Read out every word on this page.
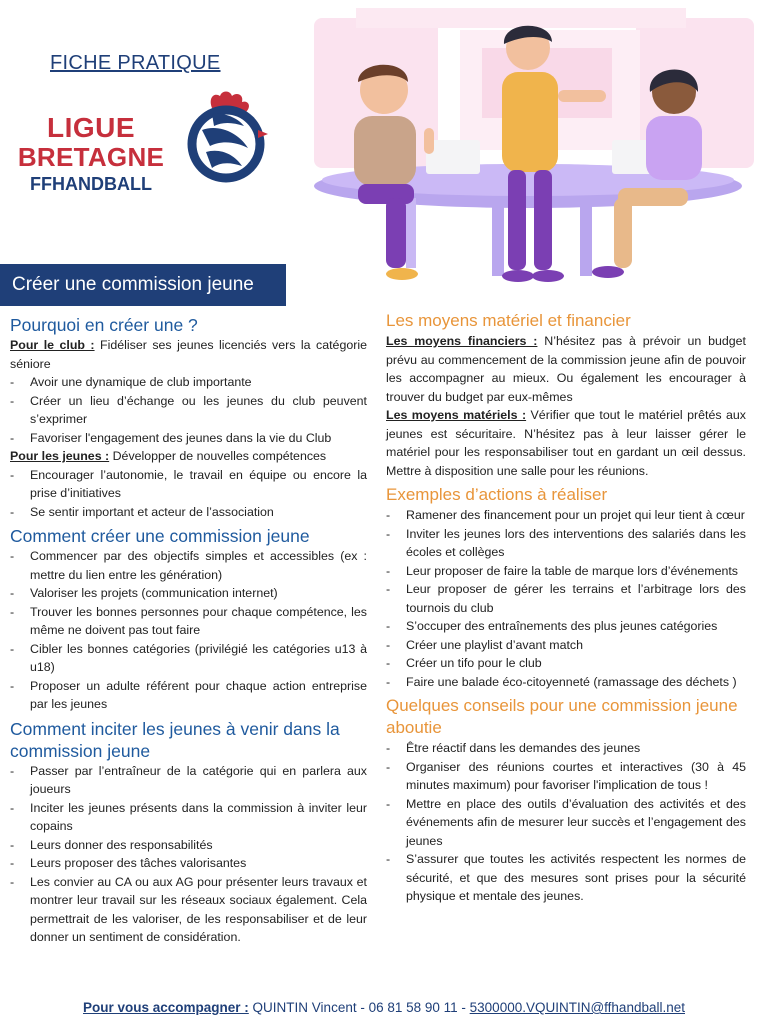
FICHE PRATIQUE
LIGUE
BRETAGNE
FFHANDBALL
Créer une commission jeune
Pourquoi en créer une ?

Pour le club : Fidéliser ses jeunes licenciés vers la catégorie séniore

- Avoir une dynamique de club importante
- Créer un lieu d’échange ou les jeunes du club peuvent s’exprimer
- Favoriser l'engagement des jeunes dans la vie du Club

Pour les jeunes : Développer de nouvelles compétences

- Encourager l’autonomie, le travail en équipe ou encore la prise d’initiatives
- Se sentir important et acteur de l’association
Comment créer une commission jeune
- Commencer par des objectifs simples et accessibles (ex : mettre du lien entre les génération)
- Valoriser les projets (communication internet)
- Trouver les bonnes personnes pour chaque compétence, les même ne doivent pas tout faire
- Cibler les bonnes catégories (privilégié les catégories u13 à u18)
- Proposer un adulte référent pour chaque action entreprise par les jeunes
Comment inciter les jeunes à venir dans la commission jeune
- Passer par l’entraîneur de la catégorie qui en parlera aux joueurs
- Inciter les jeunes présents dans la commission à inviter leur copains
- Leurs donner des responsabilités
- Leurs proposer des tâches valorisantes
- Les convier au CA ou aux AG pour présenter leurs travaux et montrer leur travail sur les réseaux sociaux également. Cela permettrait de les valoriser, de les responsabiliser et de leur donner un sentiment de considération.
Les moyens matériel et financier

Les moyens financiers : N’hésitez pas à prévoir un budget prévu au commencement de la commission jeune afin de pouvoir les accompagner au mieux. Ou également les encourager à trouver du budget par eux-mêmes

Les moyens matériels : Vérifier que tout le matériel prêtés aux jeunes est sécuritaire. N’hésitez pas à leur laisser gérer le matériel pour les responsabiliser tout en gardant un œil dessus. Mettre à disposition une salle pour les réunions.

Exemples d’actions à réaliser
- Ramener des financement pour un projet qui leur tient à cœur
- Inviter les jeunes lors des interventions des salariés dans les écoles et collèges
- Leur proposer de faire la table de marque lors d’événements
- Leur proposer de gérer les terrains et l’arbitrage lors des tournois du club
- S’occuper des entraînements des plus jeunes catégories
- Créer une playlist d’avant match
- Créer un tifo pour le club
- Faire une balade éco-citoyenneté (ramassage des déchets )
Quelques conseils pour une commission jeune aboutie
- Être réactif dans les demandes des jeunes
- Organiser des réunions courtes et interactives (30 à 45 minutes maximum) pour favoriser l'implication de tous !
- Mettre en place des outils d’évaluation des activités et des événements afin de mesurer leur succès et l’engagement des jeunes
- S’assurer que toutes les activités respectent les normes de sécurité, et que des mesures sont prises pour la sécurité physique et mentale des jeunes.
Pour vous accompagner : QUINTIN Vincent - 06 81 58 90 11 - 5300000.VQUINTIN@ffhandball.net
